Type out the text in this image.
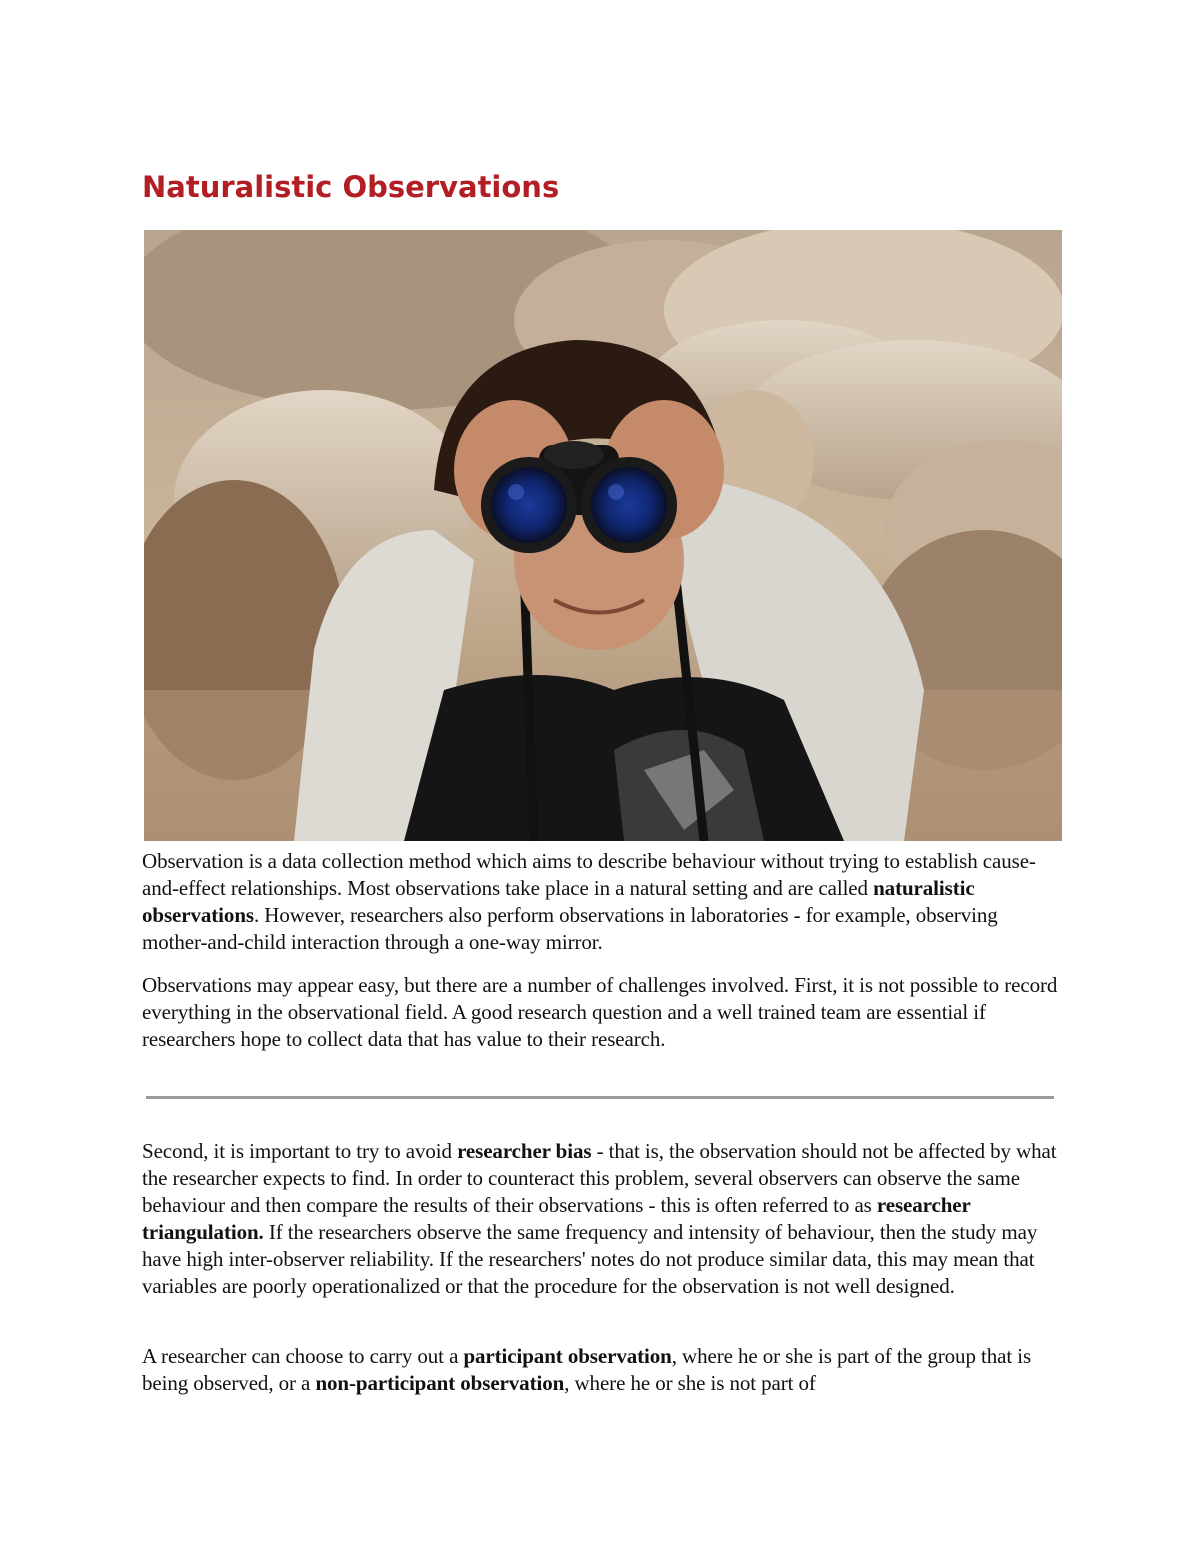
Naturalistic Observations

Observation is a data collection method which aims to describe behaviour without trying to establish cause-and-effect relationships. Most observations take place in a natural setting and are called naturalistic observations. However, researchers also perform observations in laboratories - for example, observing mother-and-child interaction through a one-way mirror.

Observations may appear easy, but there are a number of challenges involved. First, it is not possible to record everything in the observational field. A good research question and a well trained team are essential if researchers hope to collect data that has value to their research.

Second, it is important to try to avoid researcher bias - that is, the observation should not be affected by what the researcher expects to find. In order to counteract this problem, several observers can observe the same behaviour and then compare the results of their observations - this is often referred to as researcher triangulation. If the researchers observe the same frequency and intensity of behaviour, then the study may have high inter-observer reliability. If the researchers' notes do not produce similar data, this may mean that variables are poorly operationalized or that the procedure for the observation is not well designed.

A researcher can choose to carry out a participant observation, where he or she is part of the group that is being observed, or a non-participant observation, where he or she is not part of
